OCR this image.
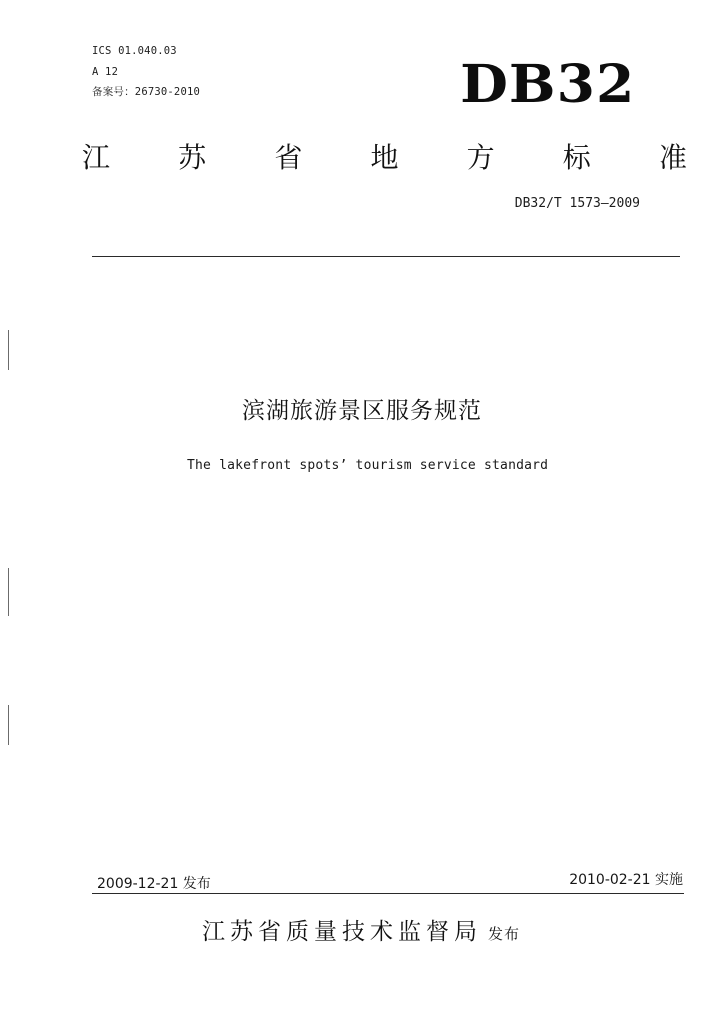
ICS 01.040.03
A 12
备案号：26730-2010	DB32
江 苏 省 地 方 标 准
DB32/T 1573—2009
滨湖旅游景区服务规范
The lakefront spots’ tourism service standard
2009-12-21 发布	2010-02-21 实施
江苏省质量技术监督局 发布
